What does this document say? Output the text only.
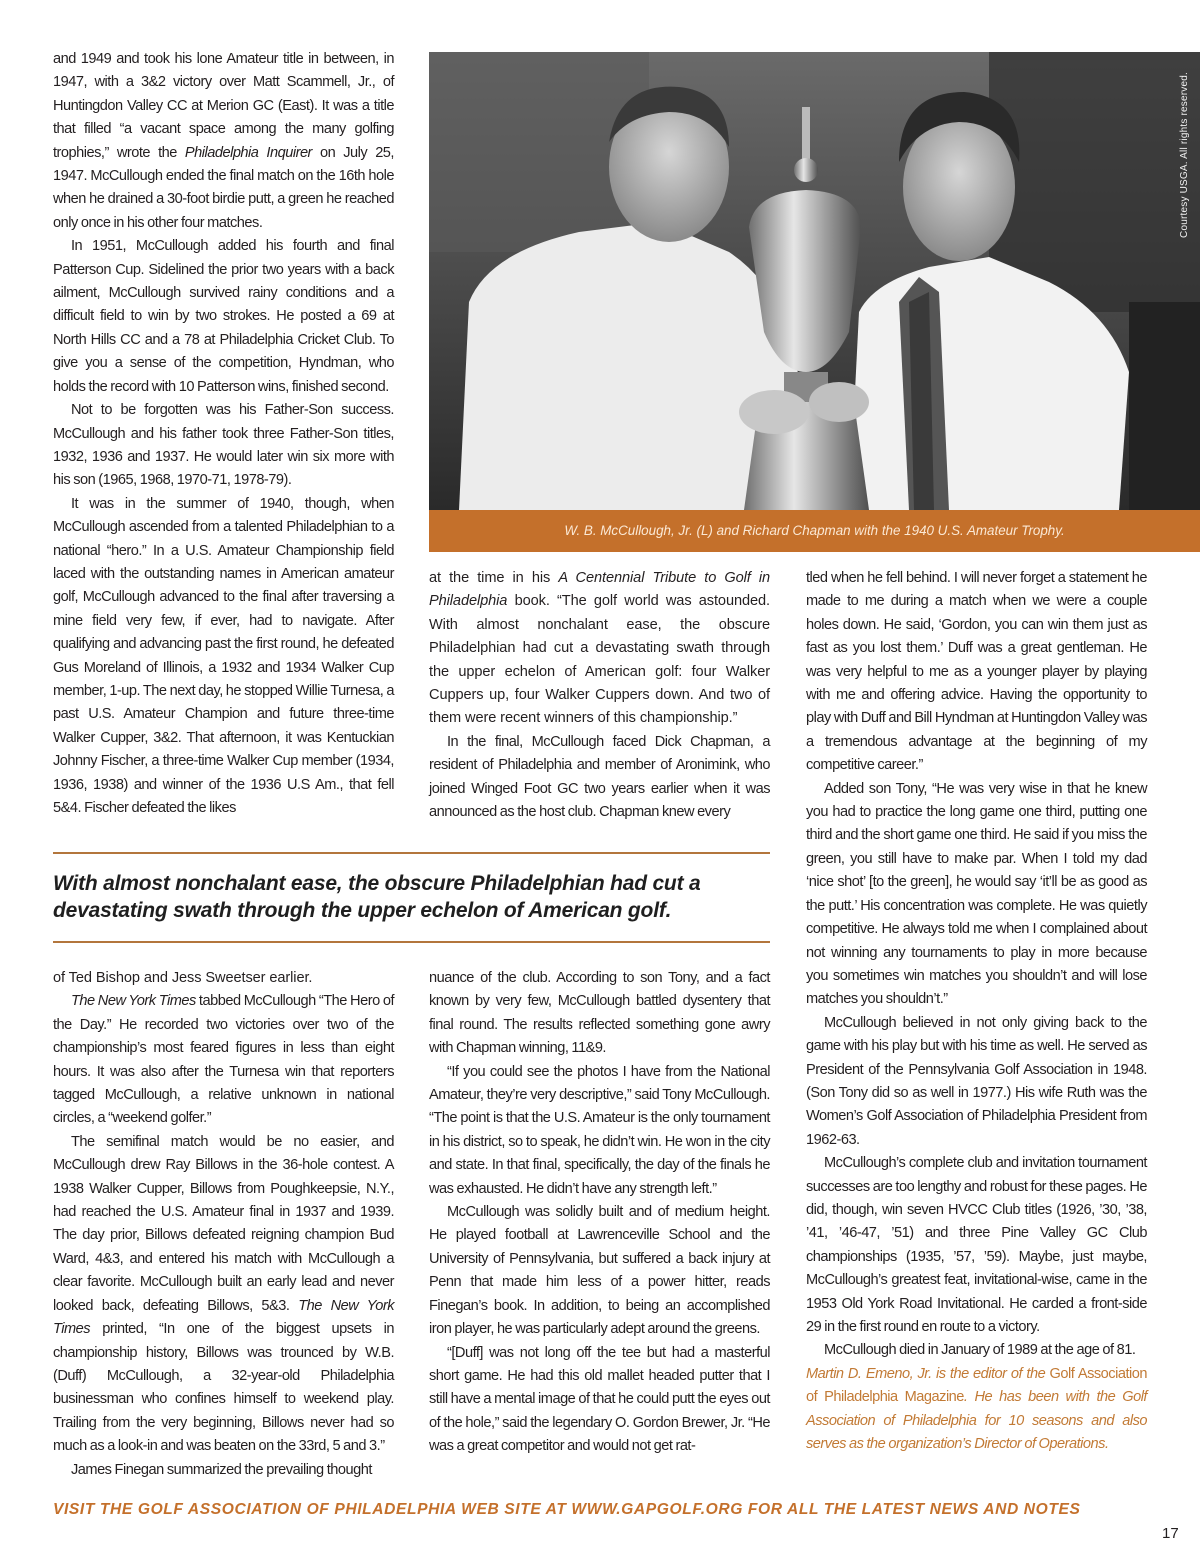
and 1949 and took his lone Amateur title in between, in 1947, with a 3&2 victory over Matt Scammell, Jr., of Huntingdon Valley CC at Merion GC (East). It was a title that filled “a vacant space among the many golfing trophies,” wrote the Philadelphia Inquirer on July 25, 1947. McCullough ended the final match on the 16th hole when he drained a 30-foot birdie putt, a green he reached only once in his other four matches.

In 1951, McCullough added his fourth and final Patterson Cup. Sidelined the prior two years with a back ailment, McCullough survived rainy conditions and a difficult field to win by two strokes. He posted a 69 at North Hills CC and a 78 at Philadelphia Cricket Club. To give you a sense of the competition, Hyndman, who holds the record with 10 Patterson wins, finished second.

Not to be forgotten was his Father-Son success. McCullough and his father took three Father-Son titles, 1932, 1936 and 1937. He would later win six more with his son (1965, 1968, 1970-71, 1978-79).

It was in the summer of 1940, though, when McCullough ascended from a talented Philadelphian to a national “hero.” In a U.S. Amateur Championship field laced with the outstanding names in American amateur golf, McCullough advanced to the final after traversing a mine field very few, if ever, had to navigate. After qualifying and advancing past the first round, he defeated Gus Moreland of Illinois, a 1932 and 1934 Walker Cup member, 1-up. The next day, he stopped Willie Turnesa, a past U.S. Amateur Champion and future three-time Walker Cupper, 3&2. That afternoon, it was Kentuckian Johnny Fischer, a three-time Walker Cup member (1934, 1936, 1938) and winner of the 1936 U.S Am., that fell 5&4. Fischer defeated the likes

Courtesy USGA. All rights reserved.
W. B. McCullough, Jr. (L) and Richard Chapman with the 1940 U.S. Amateur Trophy.

at the time in his A Centennial Tribute to Golf in Philadelphia book. “The golf world was astounded. With almost nonchalant ease, the obscure Philadelphian had cut a devastating swath through the upper echelon of American golf: four Walker Cuppers up, four Walker Cuppers down. And two of them were recent winners of this championship.”

In the final, McCullough faced Dick Chapman, a resident of Philadelphia and member of Aronimink, who joined Winged Foot GC two years earlier when it was announced as the host club. Chapman knew every

With almost nonchalant ease, the obscure Philadelphian had cut a devastating swath through the upper echelon of American golf.

of Ted Bishop and Jess Sweetser earlier.

The New York Times tabbed McCullough “The Hero of the Day.” He recorded two victories over two of the championship’s most feared figures in less than eight hours. It was also after the Turnesa win that reporters tagged McCullough, a relative unknown in national circles, a “weekend golfer.”

The semifinal match would be no easier, and McCullough drew Ray Billows in the 36-hole contest. A 1938 Walker Cupper, Billows from Poughkeepsie, N.Y., had reached the U.S. Amateur final in 1937 and 1939. The day prior, Billows defeated reigning champion Bud Ward, 4&3, and entered his match with McCullough a clear favorite. McCullough built an early lead and never looked back, defeating Billows, 5&3. The New York Times printed, “In one of the biggest upsets in championship history, Billows was trounced by W.B. (Duff) McCullough, a 32-year-old Philadelphia businessman who confines himself to weekend play. Trailing from the very beginning, Billows never had so much as a look-in and was beaten on the 33rd, 5 and 3.”

James Finegan summarized the prevailing thought

nuance of the club. According to son Tony, and a fact known by very few, McCullough battled dysentery that final round. The results reflected something gone awry with Chapman winning, 11&9.

“If you could see the photos I have from the National Amateur, they’re very descriptive,” said Tony McCullough. “The point is that the U.S. Amateur is the only tournament in his district, so to speak, he didn’t win. He won in the city and state. In that final, specifically, the day of the finals he was exhausted. He didn’t have any strength left.”

McCullough was solidly built and of medium height. He played football at Lawrenceville School and the University of Pennsylvania, but suffered a back injury at Penn that made him less of a power hitter, reads Finegan’s book. In addition, to being an accomplished iron player, he was particularly adept around the greens.

“[Duff] was not long off the tee but had a masterful short game. He had this old mallet headed putter that I still have a mental image of that he could putt the eyes out of the hole,” said the legendary O. Gordon Brewer, Jr. “He was a great competitor and would not get rat-

tled when he fell behind. I will never forget a statement he made to me during a match when we were a couple holes down. He said, ‘Gordon, you can win them just as fast as you lost them.’ Duff was a great gentleman. He was very helpful to me as a younger player by playing with me and offering advice. Having the opportunity to play with Duff and Bill Hyndman at Huntingdon Valley was a tremendous advantage at the beginning of my competitive career.”

Added son Tony, “He was very wise in that he knew you had to practice the long game one third, putting one third and the short game one third. He said if you miss the green, you still have to make par. When I told my dad ‘nice shot’ [to the green], he would say ‘it’ll be as good as the putt.’ His concentration was complete. He was quietly competitive. He always told me when I complained about not winning any tournaments to play in more because you sometimes win matches you shouldn’t and will lose matches you shouldn’t.”

McCullough believed in not only giving back to the game with his play but with his time as well. He served as President of the Pennsylvania Golf Association in 1948. (Son Tony did so as well in 1977.) His wife Ruth was the Women’s Golf Association of Philadelphia President from 1962-63.

McCullough’s complete club and invitation tournament successes are too lengthy and robust for these pages. He did, though, win seven HVCC Club titles (1926, ’30, ’38, ’41, ’46-47, ’51) and three Pine Valley GC Club championships (1935, ’57, ’59). Maybe, just maybe, McCullough’s greatest feat, invitational-wise, came in the 1953 Old York Road Invitational. He carded a front-side 29 in the first round en route to a victory.

McCullough died in January of 1989 at the age of 81.

Martin D. Emeno, Jr. is the editor of the Golf Association of Philadelphia Magazine. He has been with the Golf Association of Philadelphia for 10 seasons and also serves as the organization’s Director of Operations.

VISIT THE GOLF ASSOCIATION OF PHILADELPHIA WEB SITE AT WWW.GAPGOLF.ORG FOR ALL THE LATEST NEWS AND NOTES
17
